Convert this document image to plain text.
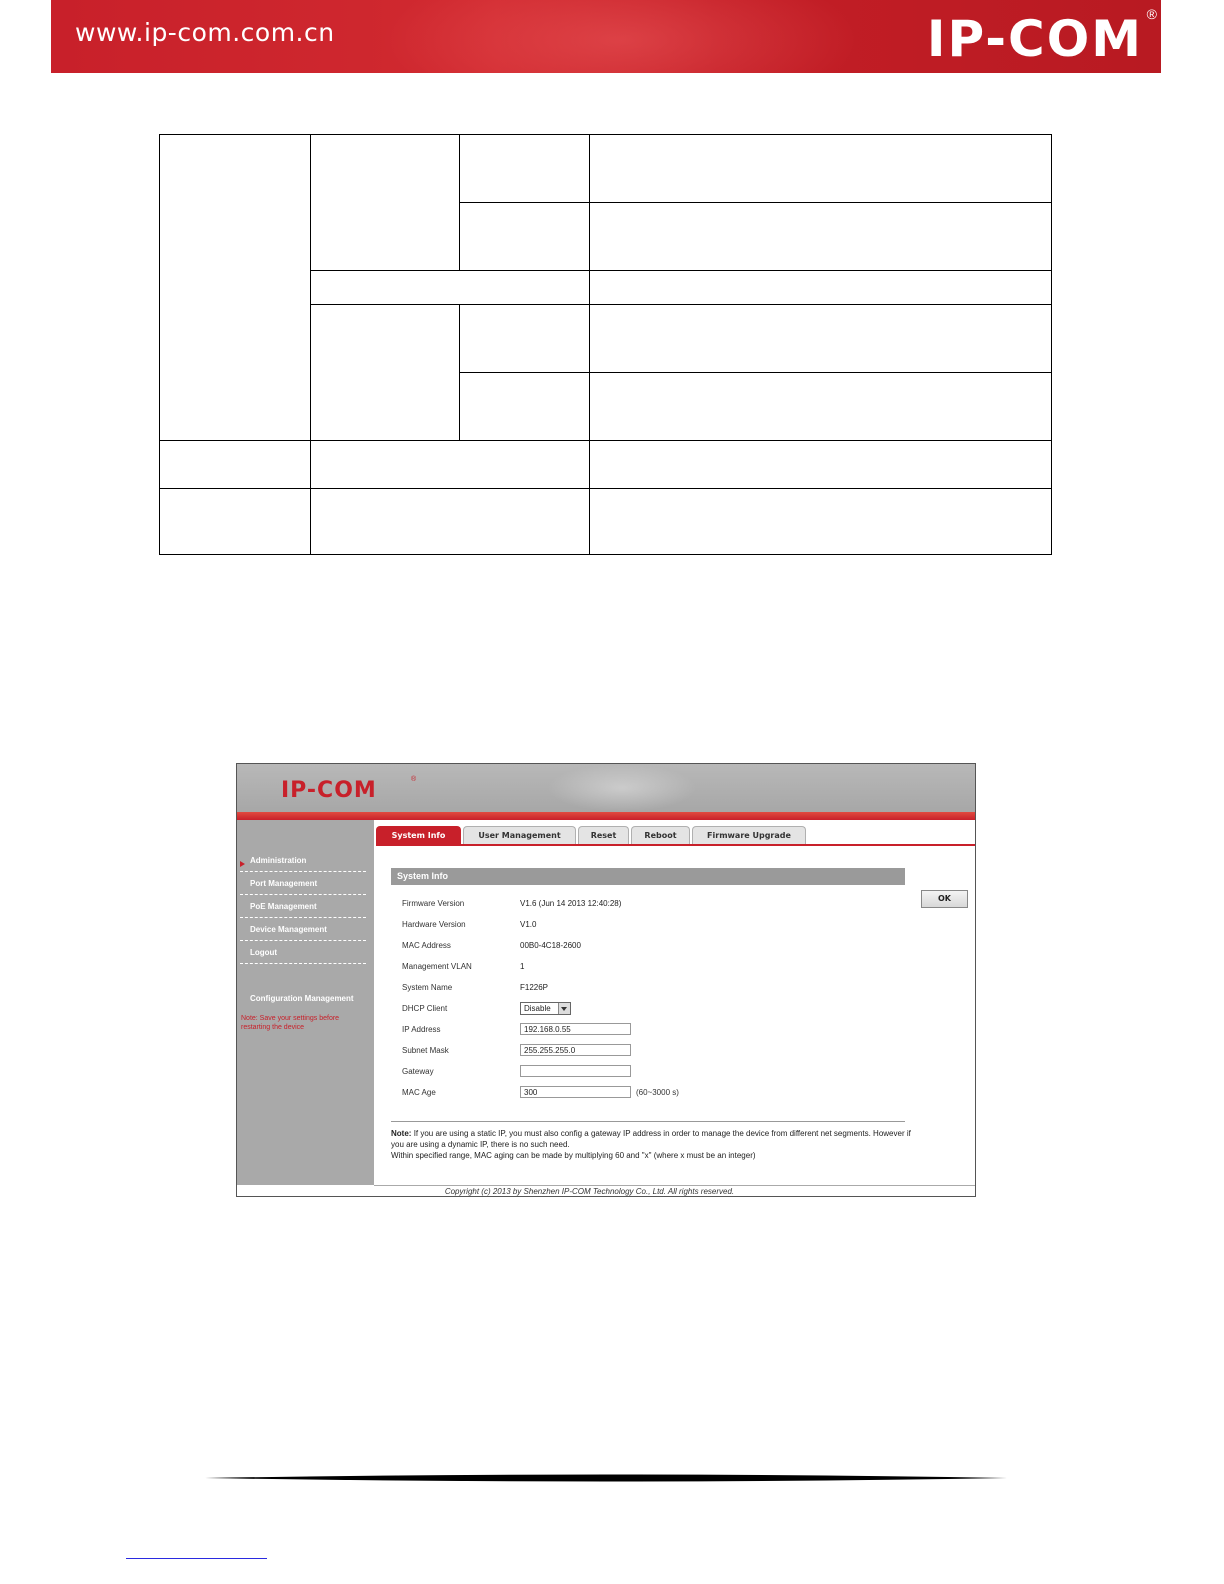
www.ip-com.com.cn	IP-COM ®
IP-COM	®
Administration
Port Management
PoE Management
Device Management
Logout
Configuration Management
Note: Save your settings before restarting the device
System Info	User Management	Reset	Reboot	Firmware Upgrade
System Info
OK
Firmware Version	V1.6 (Jun 14 2013 12:40:28)
Hardware Version	V1.0
MAC Address	00B0-4C18-2600
Management VLAN	1
System Name	F1226P
DHCP Client	Disable
IP Address	192.168.0.55
Subnet Mask	255.255.255.0
Gateway
MAC Age	300	(60~3000 s)
Note: If you are using a static IP, you must also config a gateway IP address in order to manage the device from different net segments. However if you are using a dynamic IP, there is no such need.
Within specified range, MAC aging can be made by multiplying 60 and "x" (where x must be an integer)
Copyright (c) 2013 by Shenzhen IP-COM Technology Co., Ltd. All rights reserved.
